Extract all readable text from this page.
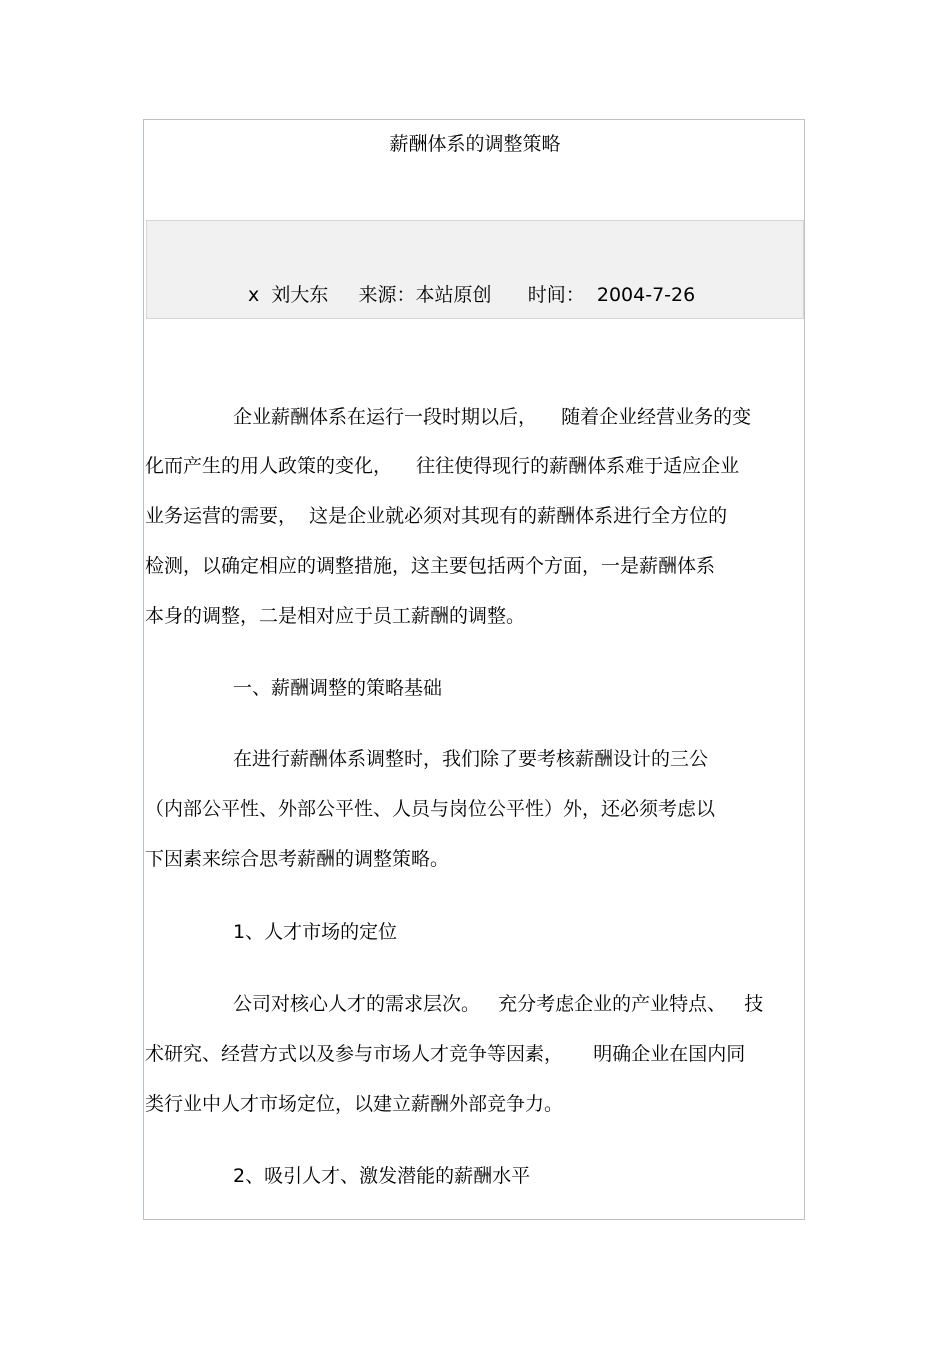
薪酬体系的调整策略
x  刘大东 来源：本站原创 时间：  2004-7-26
企业薪酬体系在运行一段时期以后，    随着企业经营业务的变
化而产生的用人政策的变化，    往往使得现行的薪酬体系难于适应企业
业务运营的需要，  这是企业就必须对其现有的薪酬体系进行全方位的
检测，以确定相应的调整措施，这主要包括两个方面，一是薪酬体系
本身的调整，二是相对应于员工薪酬的调整。
一、薪酬调整的策略基础
在进行薪酬体系调整时，我们除了要考核薪酬设计的三公
（内部公平性、外部公平性、人员与岗位公平性）外，还必须考虑以
下因素来综合思考薪酬的调整策略。
1、人才市场的定位
公司对核心人才的需求层次。   充分考虑企业的产业特点、   技
术研究、经营方式以及参与市场人才竞争等因素，     明确企业在国内同
类行业中人才市场定位，以建立薪酬外部竞争力。
2、吸引人才、激发潜能的薪酬水平
